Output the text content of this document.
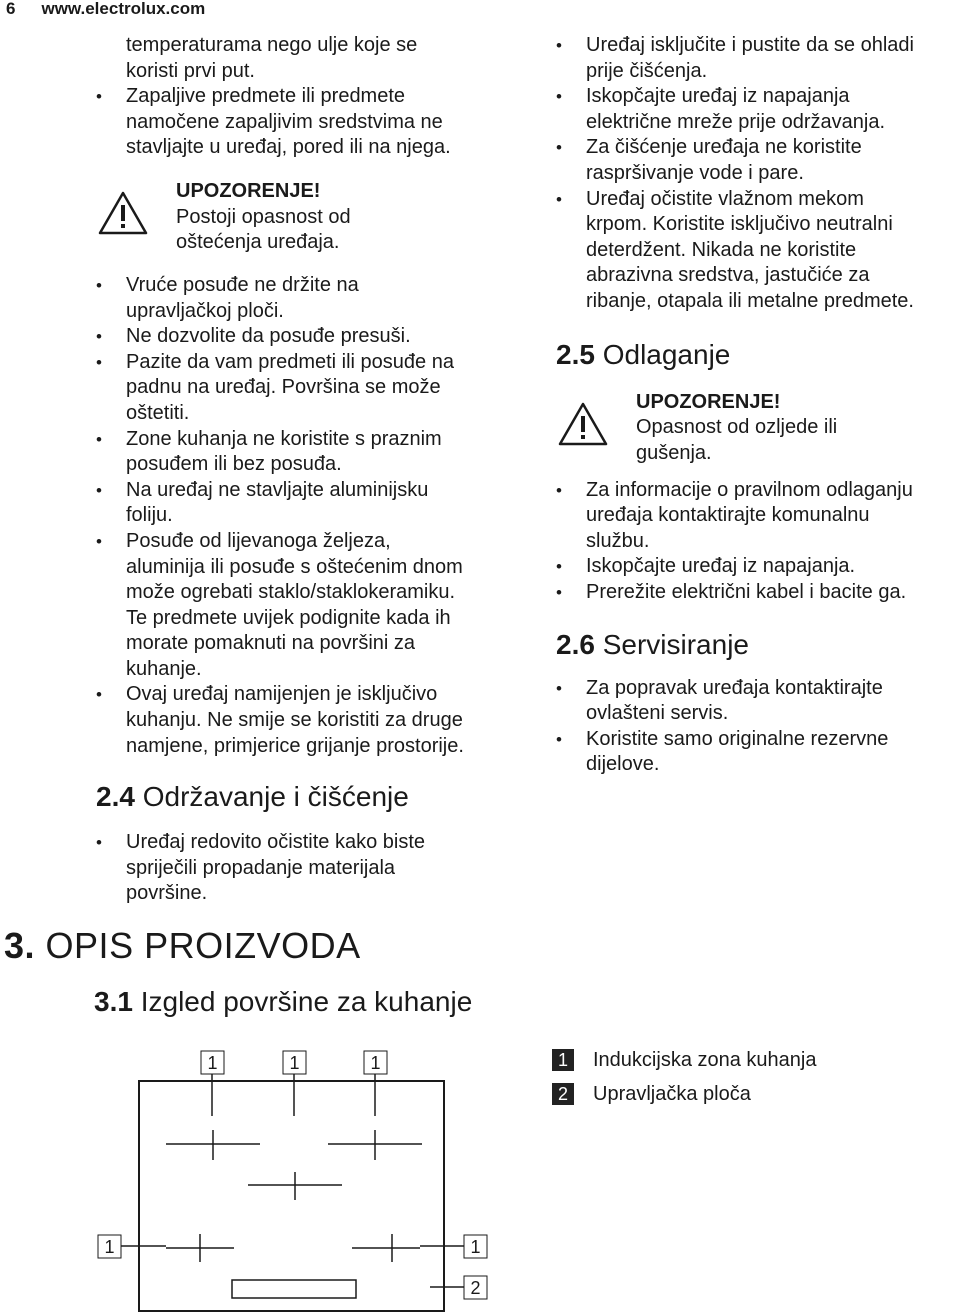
6 www.electrolux.com
temperaturama nego ulje koje se
koristi prvi put.
• Zapaljive predmete ili predmete
namočene zapaljivim sredstvima ne
stavljajte u uređaj, pored ili na njega.
UPOZORENJE!
Postoji opasnost od
oštećenja uređaja.
• Vruće posuđe ne držite na
upravljačkoj ploči.
• Ne dozvolite da posuđe presuši.
• Pazite da vam predmeti ili posuđe na
padnu na uređaj. Površina se može
oštetiti.
• Zone kuhanja ne koristite s praznim
posuđem ili bez posuđa.
• Na uređaj ne stavljajte aluminijsku
foliju.
• Posuđe od lijevanoga željeza,
aluminija ili posuđe s oštećenim dnom
može ogrebati staklo/staklokeramiku.
Te predmete uvijek podignite kada ih
morate pomaknuti na površini za
kuhanje.
• Ovaj uređaj namijenjen je isključivo
kuhanju. Ne smije se koristiti za druge
namjene, primjerice grijanje prostorije.
2.4 Održavanje i čišćenje
• Uređaj redovito očistite kako biste
spriječili propadanje materijala
površine.
• Uređaj isključite i pustite da se ohladi
prije čišćenja.
• Iskopčajte uređaj iz napajanja
električne mreže prije održavanja.
• Za čišćenje uređaja ne koristite
raspršivanje vode i pare.
• Uređaj očistite vlažnom mekom
krpom. Koristite isključivo neutralni
deterdžent. Nikada ne koristite
abrazivna sredstva, jastučiće za
ribanje, otapala ili metalne predmete.
2.5 Odlaganje
UPOZORENJE!
Opasnost od ozljede ili
gušenja.
• Za informacije o pravilnom odlaganju
uređaja kontaktirajte komunalnu
službu.
• Iskopčajte uređaj iz napajanja.
• Prerežite električni kabel i bacite ga.
2.6 Servisiranje
• Za popravak uređaja kontaktirajte
ovlašteni servis.
• Koristite samo originalne rezervne
dijelove.
3. OPIS PROIZVODA
3.1 Izgled površine za kuhanje
1	1	1
1	1
2
1	Indukcijska zona kuhanja
2	Upravljačka ploča
